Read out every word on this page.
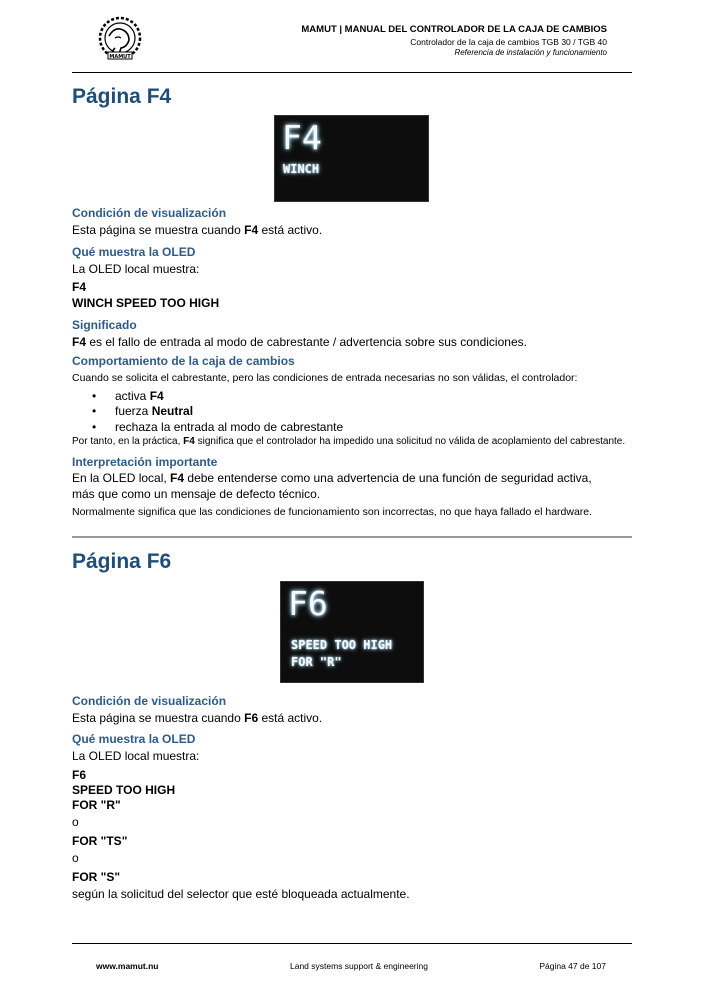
MAMUT
MAMUT | MANUAL DEL CONTROLADOR DE LA CAJA DE CAMBIOS
Controlador de la caja de cambios TGB 30 / TGB 40
Referencia de instalación y funcionamiento
Página F4
F4
WINCH
Condición de visualización
Esta página se muestra cuando F4 está activo.
Qué muestra la OLED
La OLED local muestra:
F4
WINCH SPEED TOO HIGH
Significado
F4 es el fallo de entrada al modo de cabrestante / advertencia sobre sus condiciones.
Comportamiento de la caja de cambios
Cuando se solicita el cabrestante, pero las condiciones de entrada necesarias no son válidas, el controlador:
• activa F4
• fuerza Neutral
• rechaza la entrada al modo de cabrestante
Por tanto, en la práctica, F4 significa que el controlador ha impedido una solicitud no válida de acoplamiento del cabrestante.
Interpretación importante
En la OLED local, F4 debe entenderse como una advertencia de una función de seguridad activa,
más que como un mensaje de defecto técnico.
Normalmente significa que las condiciones de funcionamiento son incorrectas, no que haya fallado el hardware.
Página F6
F6
SPEED TOO HIGH
FOR "R"
Condición de visualización
Esta página se muestra cuando F6 está activo.
Qué muestra la OLED
La OLED local muestra:
F6
SPEED TOO HIGH
FOR "R"
o
FOR "TS"
o
FOR "S"
según la solicitud del selector que esté bloqueada actualmente.
www.mamut.nu	Land systems support & engineering	Página 47 de 107
